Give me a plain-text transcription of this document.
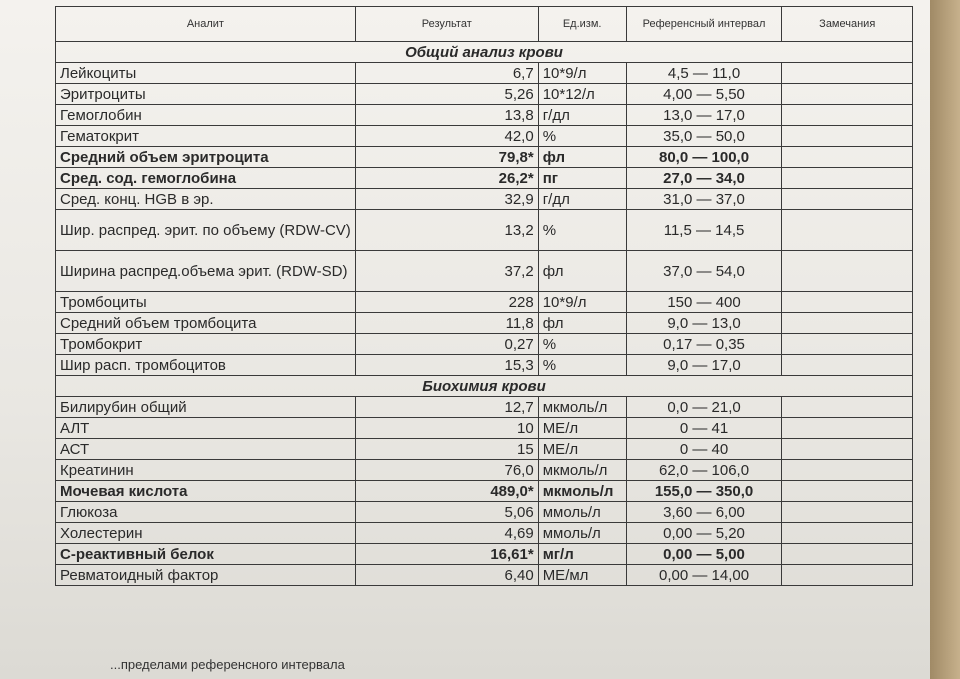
Аналит	Результат	Ед.изм.	Референсный интервал	Замечания
Общий анализ крови				
Лейкоциты	6,7	10*9/л	4,5 — 11,0	
Эритроциты	5,26	10*12/л	4,00 — 5,50	
Гемоглобин	13,8	г/дл	13,0 — 17,0	
Гематокрит	42,0	%	35,0 — 50,0	
Средний объем эритроцита	79,8*	фл	80,0 — 100,0	
Сред. сод. гемоглобина	26,2*	пг	27,0 — 34,0	
Сред. конц. HGB в эр.	32,9	г/дл	31,0 — 37,0	
Шир. распред. эрит. по объему (RDW-CV)	13,2	%	11,5 — 14,5	
Ширина распред.объема эрит. (RDW-SD)	37,2	фл	37,0 — 54,0	
Тромбоциты	228	10*9/л	150 — 400	
Средний объем тромбоцита	11,8	фл	9,0 — 13,0	
Тромбокрит	0,27	%	0,17 — 0,35	
Шир расп. тромбоцитов	15,3	%	9,0 — 17,0	
Биохимия крови				
Билирубин общий	12,7	мкмоль/л	0,0 — 21,0	
АЛТ	10	МЕ/л	0 — 41	
АСТ	15	МЕ/л	0 — 40	
Креатинин	76,0	мкмоль/л	62,0 — 106,0	
Мочевая кислота	489,0*	мкмоль/л	155,0 — 350,0	
Глюкоза	5,06	ммоль/л	3,60 — 6,00	
Холестерин	4,69	ммоль/л	0,00 — 5,20	
С-реактивный белок	16,61*	мг/л	0,00 — 5,00	
Ревматоидный фактор	6,40	МЕ/мл	0,00 — 14,00	
...пределами референсного интервала
